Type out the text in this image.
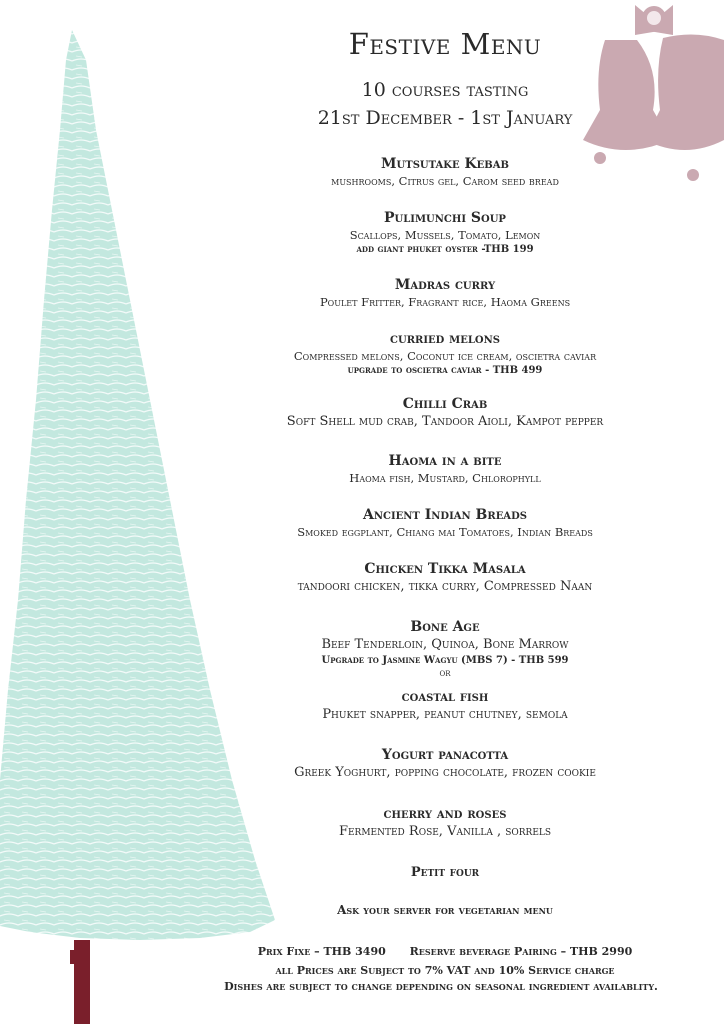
Festive Menu
10 courses tasting
21st December - 1st January
Mutsutake Kebab
mushrooms, Citrus gel, Carom seed bread
Pulimunchi Soup
Scallops, Mussels, Tomato, Lemon
add giant phuket oyster -THB 199
Madras curry
Poulet Fritter, Fragrant rice, Haoma Greens
curried melons
Compressed melons, Coconut ice cream, oscietra caviar
upgrade to oscietra caviar - THB 499
Chilli Crab
Soft Shell mud crab, Tandoor Aioli, Kampot pepper
Haoma in a bite
Haoma fish, Mustard, Chlorophyll
Ancient Indian Breads
Smoked eggplant, Chiang mai Tomatoes, Indian Breads
Chicken Tikka Masala
tandoori chicken, tikka curry, Compressed Naan
Bone Age
Beef Tenderloin, Quinoa, Bone Marrow
Upgrade to Jasmine Wagyu (MBS 7) - THB 599
or
coastal fish
Phuket snapper, peanut chutney, semola
Yogurt panacotta
Greek Yoghurt, popping chocolate, frozen cookie
cherry and roses
Fermented Rose, Vanilla , sorrels
Petit four
Ask your server for vegetarian menu
Prix Fixe – THB 3490 Reserve beverage Pairing – THB 2990
all Prices are Subject to 7% VAT and 10% Service charge
Dishes are subject to change depending on seasonal ingredient availablity.
